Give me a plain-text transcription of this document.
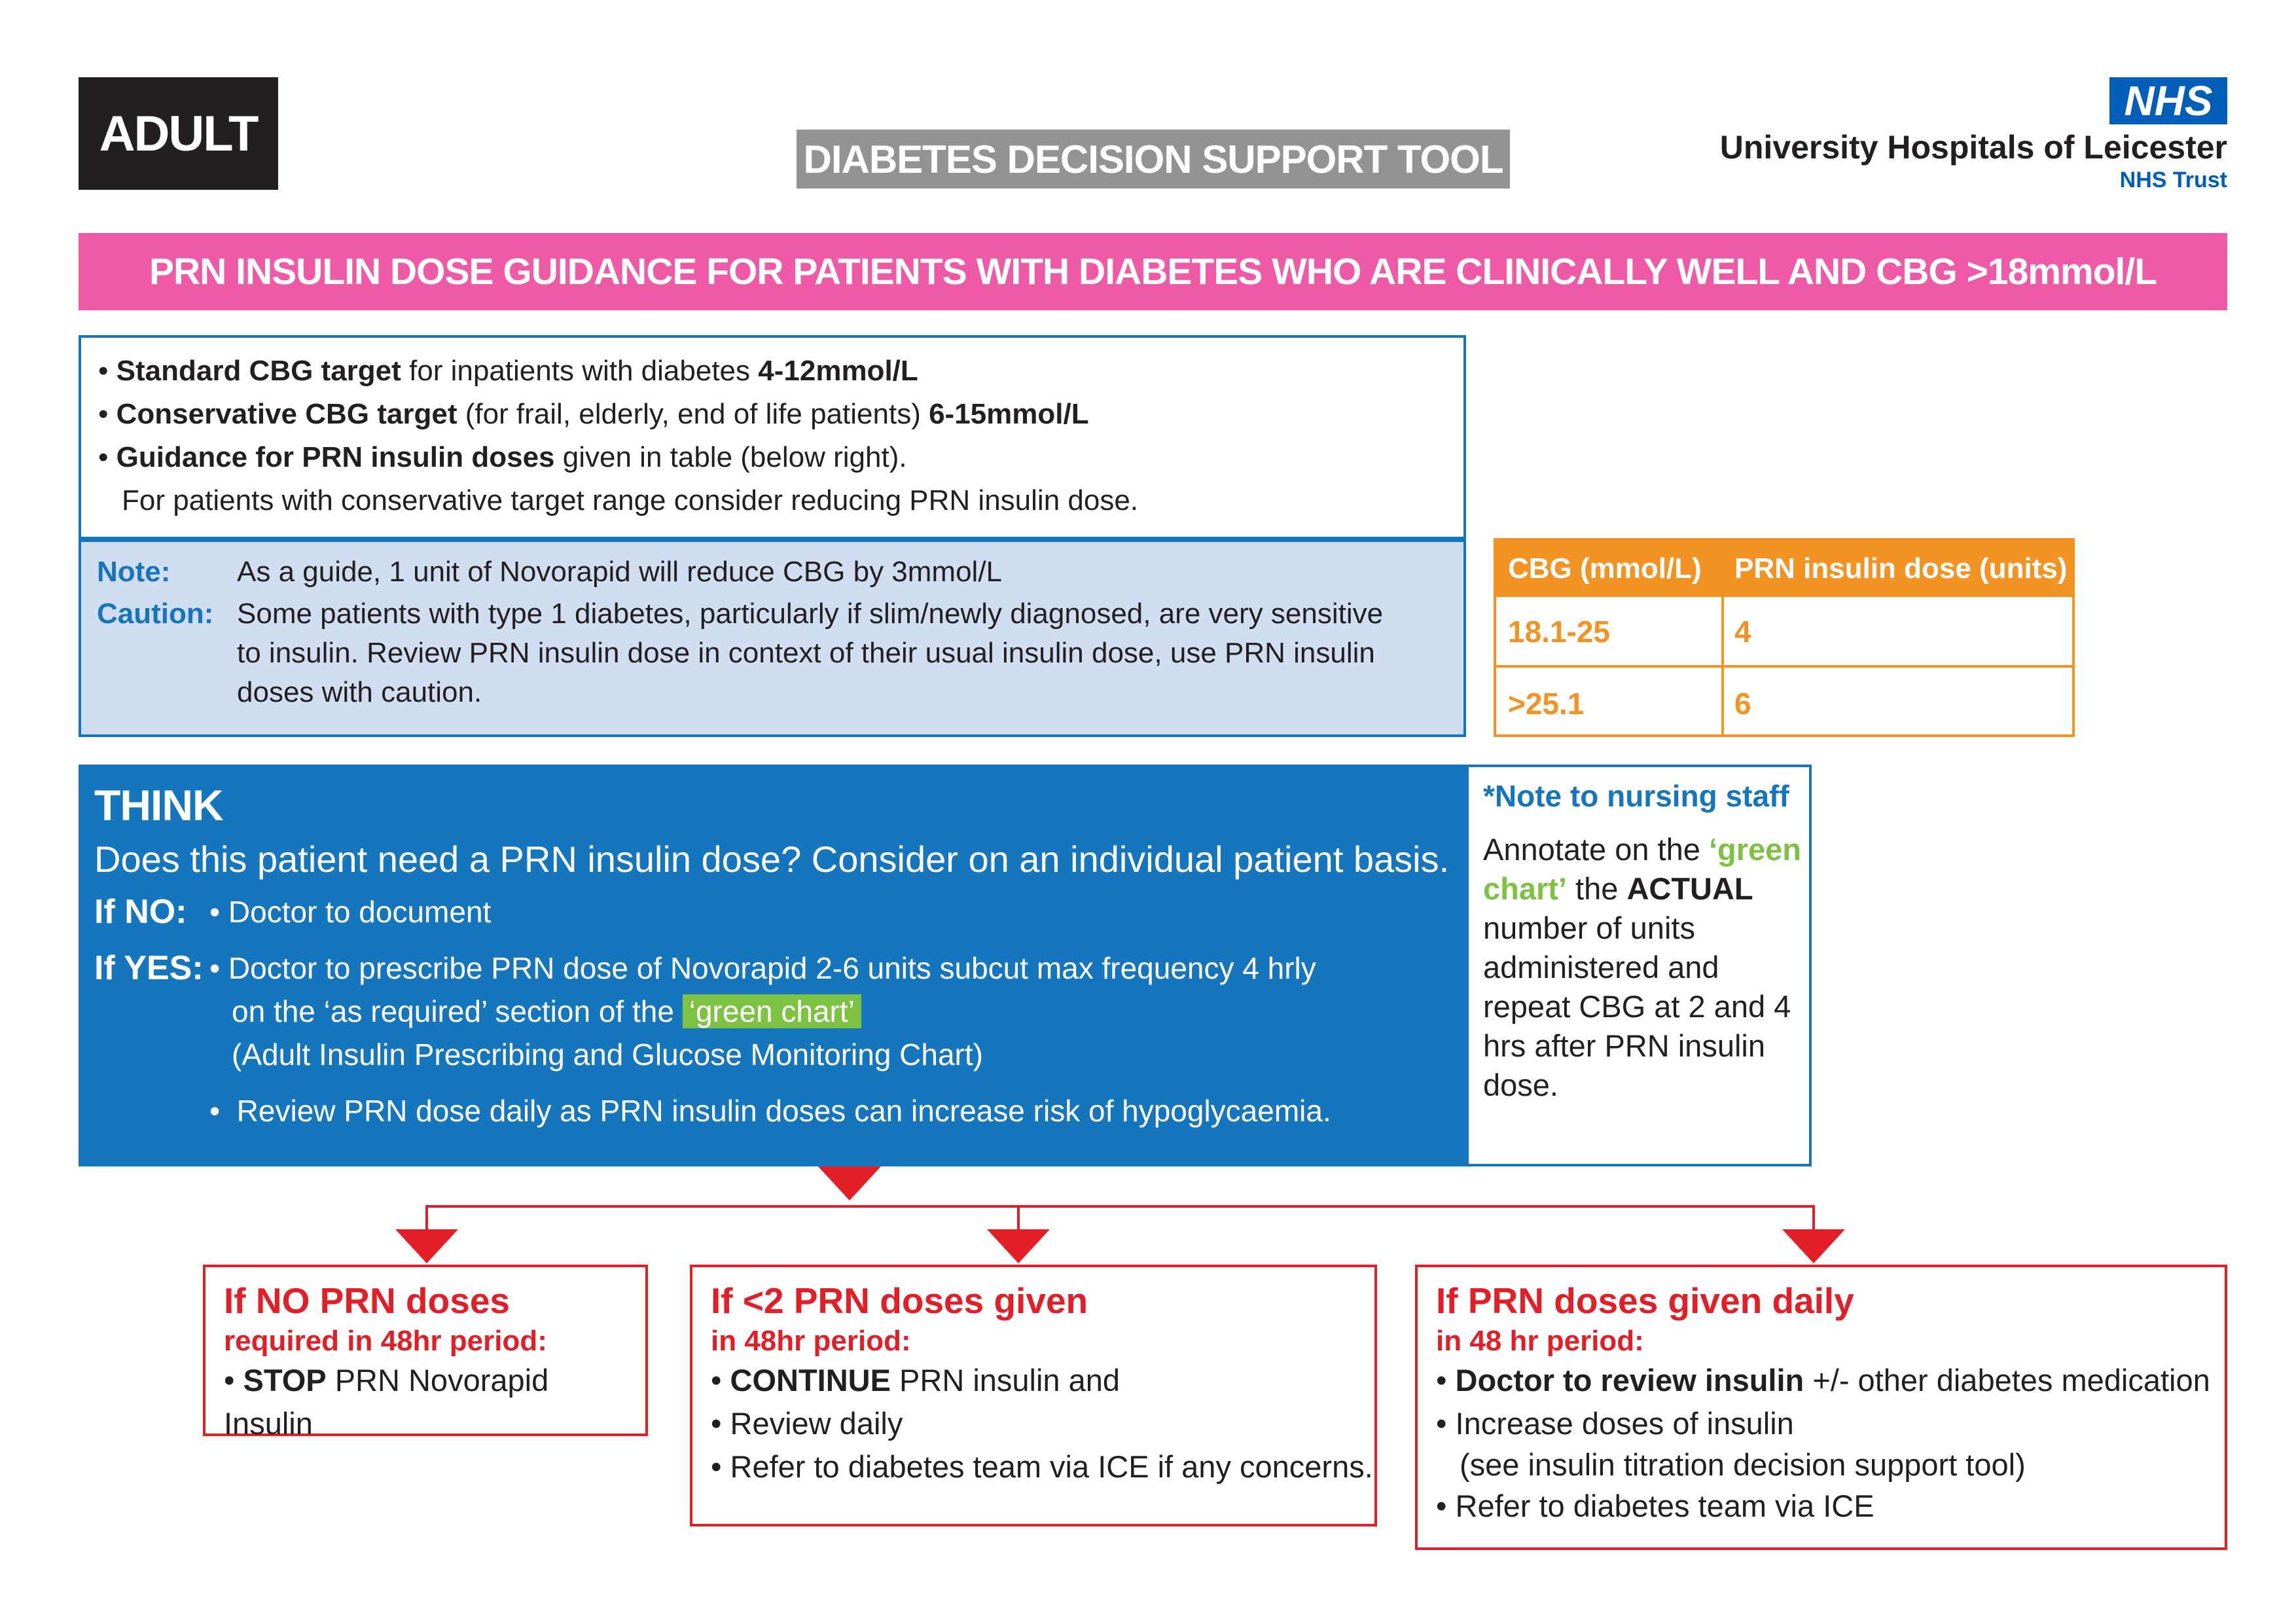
ADULT	DIABETES DECISION SUPPORT TOOL
NHS
University Hospitals of Leicester
NHS Trust
PRN INSULIN DOSE GUIDANCE FOR PATIENTS WITH DIABETES WHO ARE CLINICALLY WELL AND CBG >18mmol/L
• Standard CBG target for inpatients with diabetes 4-12mmol/L
• Conservative CBG target (for frail, elderly, end of life patients) 6-15mmol/L
• Guidance for PRN insulin doses given in table (below right).
For patients with conservative target range consider reducing PRN insulin dose.
Note:	As a guide, 1 unit of Novorapid will reduce CBG by 3mmol/L
Caution: Some patients with type 1 diabetes, particularly if slim/newly diagnosed, are very sensitive to insulin. Review PRN insulin dose in context of their usual insulin dose, use PRN insulin doses with caution.
CBG (mmol/L) PRN insulin dose (units)
18.1-25	4
>25.1	6
THINK
Does this patient need a PRN insulin dose? Consider on an individual patient basis.
If NO: • Doctor to document
If YES: • Doctor to prescribe PRN dose of Novorapid 2-6 units subcut max frequency 4 hrly
on the ‘as required’ section of the ‘green chart’
(Adult Insulin Prescribing and Glucose Monitoring Chart)
•  Review PRN dose daily as PRN insulin doses can increase risk of hypoglycaemia.
*Note to nursing staff
Annotate on the ‘green chart’ the ACTUAL number of units administered and repeat CBG at 2 and 4 hrs after PRN insulin dose.
If NO PRN doses
required in 48hr period:
• STOP PRN Novorapid Insulin
If <2 PRN doses given
in 48hr period:
• CONTINUE PRN insulin and
• Review daily
• Refer to diabetes team via ICE if any concerns.
If PRN doses given daily
in 48 hr period:
• Doctor to review insulin +/- other diabetes medication
• Increase doses of insulin
(see insulin titration decision support tool)
• Refer to diabetes team via ICE
